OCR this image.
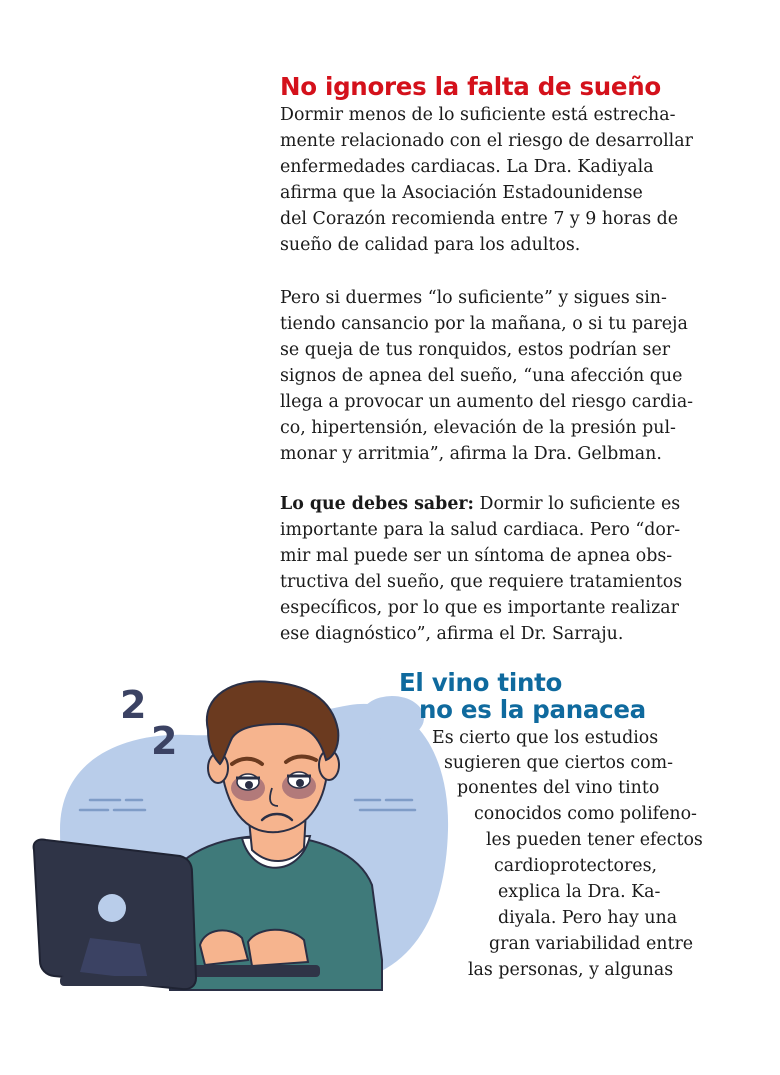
No ignores la falta de sueño
Dormir menos de lo suficiente está estrecha-
mente relacionado con el riesgo de desarrollar
enfermedades cardiacas. La Dra. Kadiyala
afirma que la Asociación Estadounidense
del Corazón recomienda entre 7 y 9 horas de
sueño de calidad para los adultos.
Pero si duermes “lo suficiente” y sigues sin-
tiendo cansancio por la mañana, o si tu pareja
se queja de tus ronquidos, estos podrían ser
signos de apnea del sueño, “una afección que
llega a provocar un aumento del riesgo cardia-
co, hipertensión, elevación de la presión pul-
monar y arritmia”, afirma la Dra. Gelbman.
Lo que debes saber: Dormir lo suficiente es
importante para la salud cardiaca. Pero “dor-
mir mal puede ser un síntoma de apnea obs-
tructiva del sueño, que requiere tratamientos
específicos, por lo que es importante realizar
ese diagnóstico”, afirma el Dr. Sarraju.
2
2
El vino tinto
no es la panacea
Es cierto que los estudios
sugieren que ciertos com-
ponentes del vino tinto
conocidos como polifeno-
les pueden tener efectos
cardioprotectores,
explica la Dra. Ka-
diyala. Pero hay una
gran variabilidad entre
las personas, y algunas
